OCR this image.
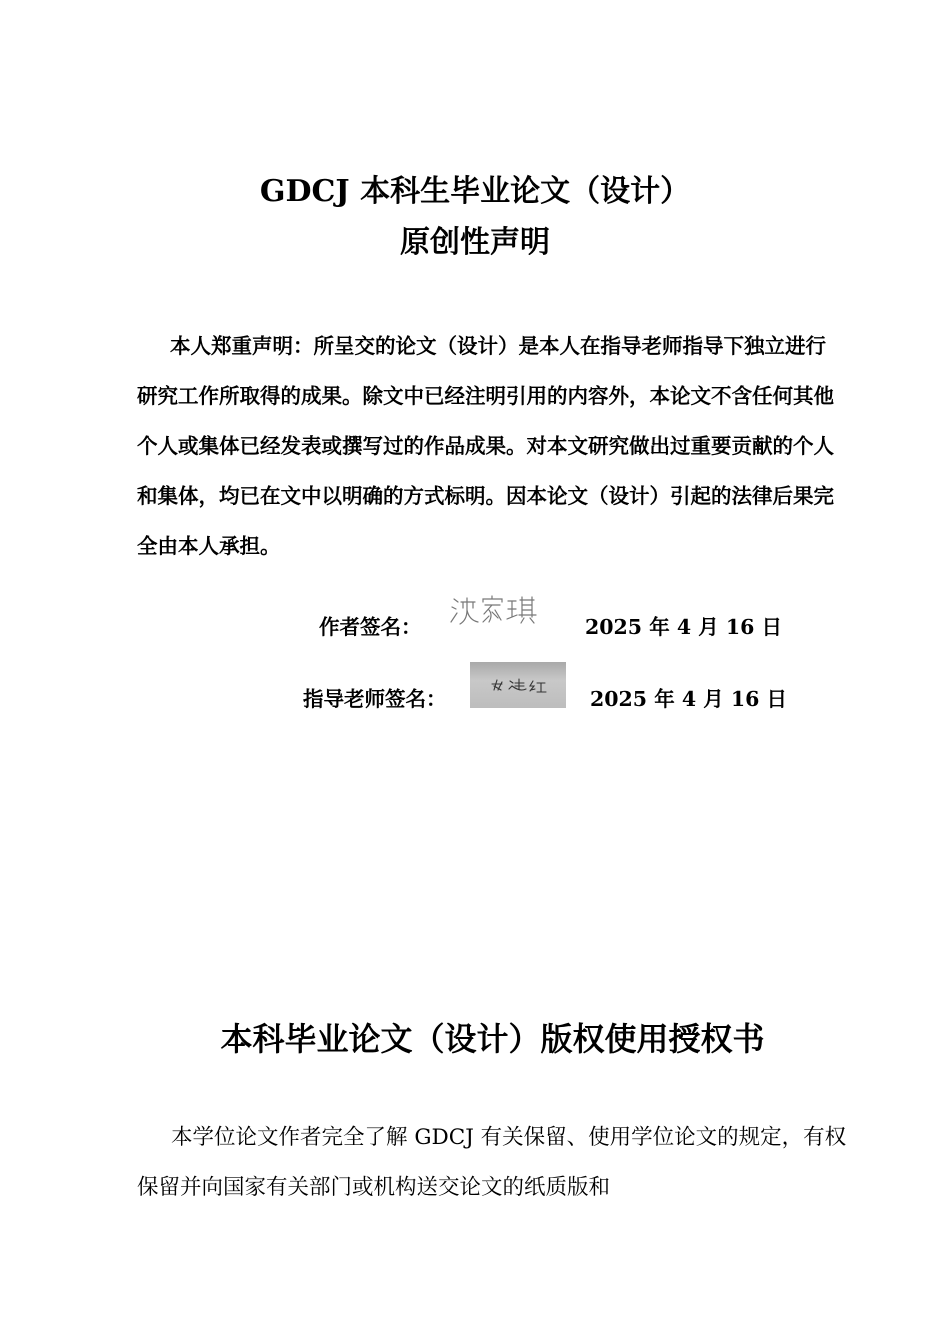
GDCJ 本科生毕业论文（设计）
原创性声明

本人郑重声明：所呈交的论文（设计）是本人在指导老师指导下独立进行研究工作所取得的成果。除文中已经注明引用的内容外，本论文不含任何其他个人或集体已经发表或撰写过的作品成果。对本文研究做出过重要贡献的个人和集体，均已在文中以明确的方式标明。因本论文（设计）引起的法律后果完全由本人承担。

作者签名：	2025 年 4 月 16 日
指导老师签名：	2025 年 4 月 16 日
本科毕业论文（设计）版权使用授权书

本学位论文作者完全了解 GDCJ 有关保留、使用学位论文的规定，有权保留并向国家有关部门或机构送交论文的纸质版和
